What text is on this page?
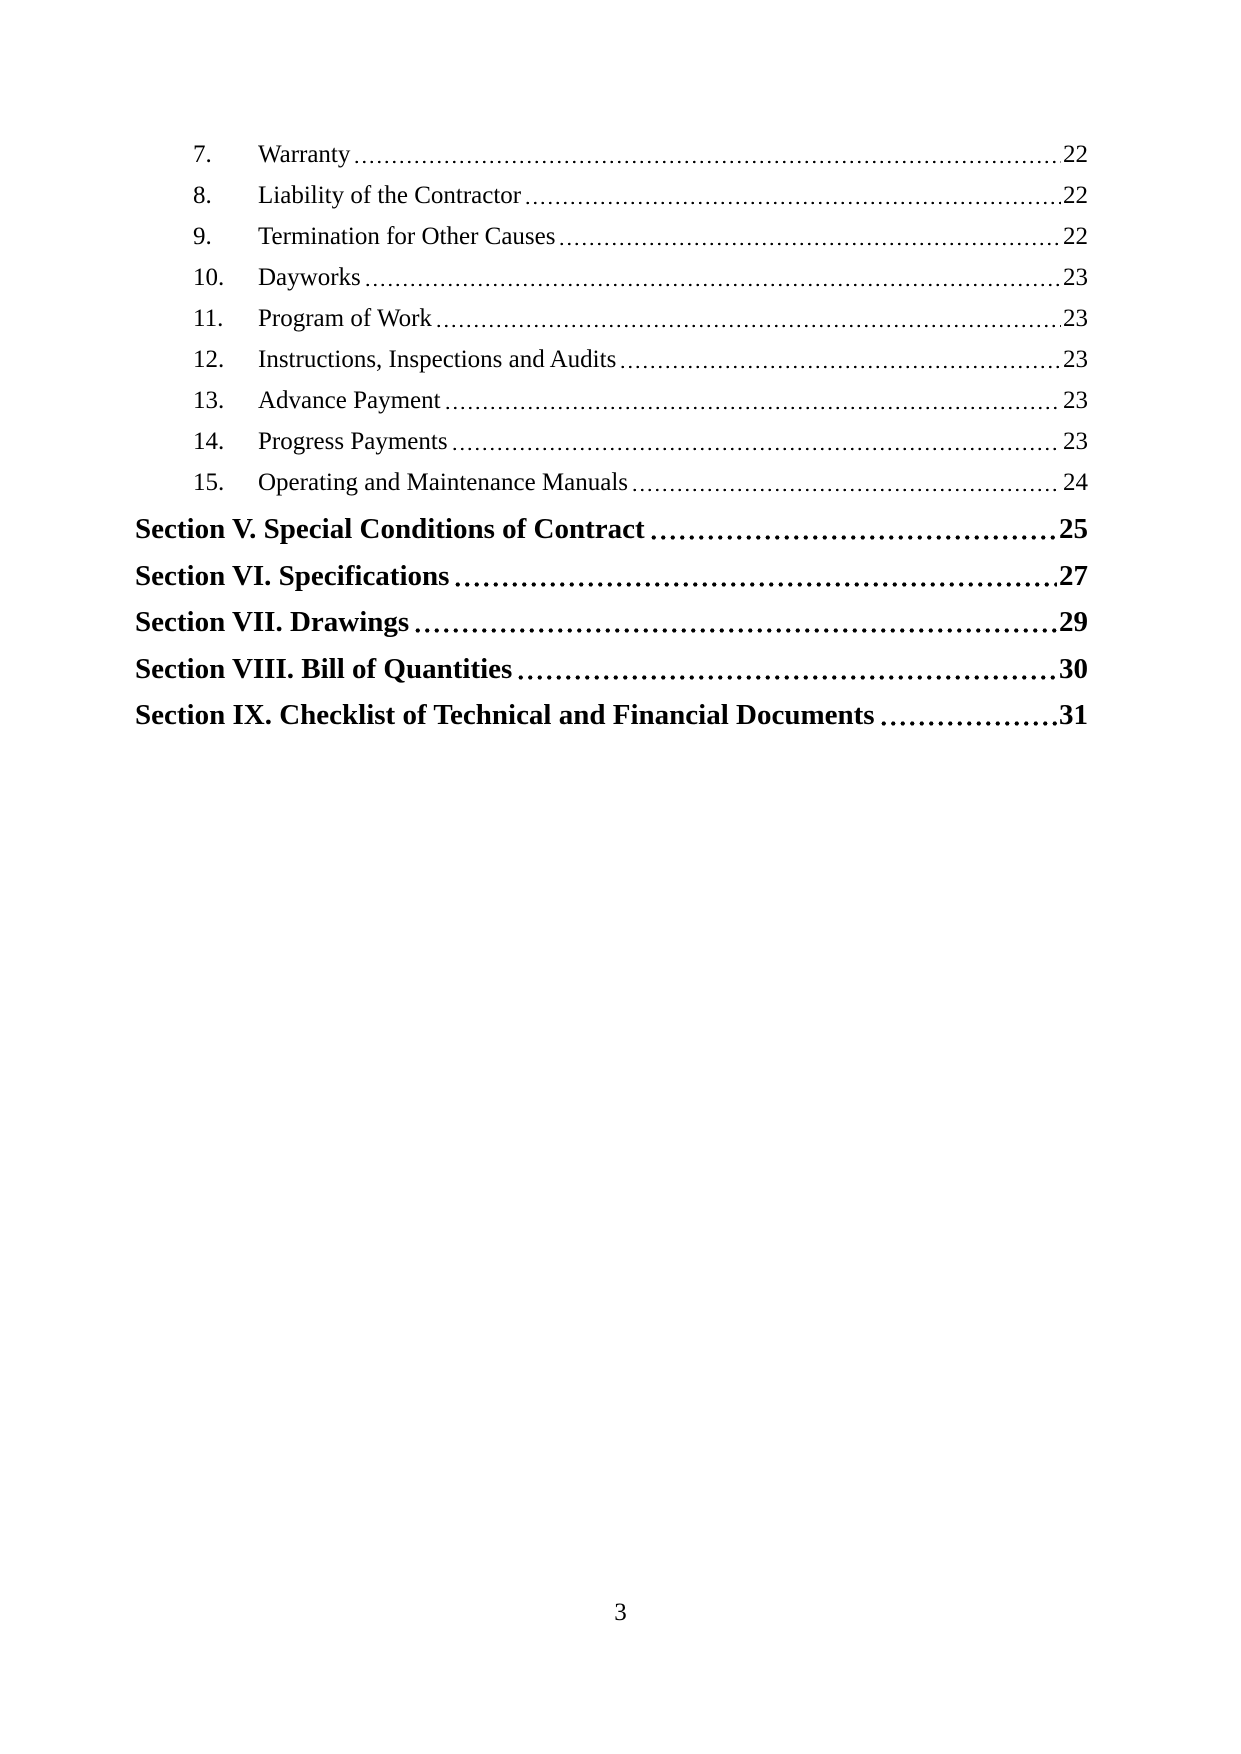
7.	Warranty	22
8.	Liability of the Contractor	22
9.	Termination for Other Causes	22
10.	Dayworks	23
11.	Program of Work	23
12.	Instructions, Inspections and Audits	23
13.	Advance Payment	23
14.	Progress Payments	23
15.	Operating and Maintenance Manuals	24
Section V. Special Conditions of Contract	25
Section VI. Specifications	27
Section VII. Drawings	29
Section VIII. Bill of Quantities	30
Section IX. Checklist of Technical and Financial Documents	31
3
